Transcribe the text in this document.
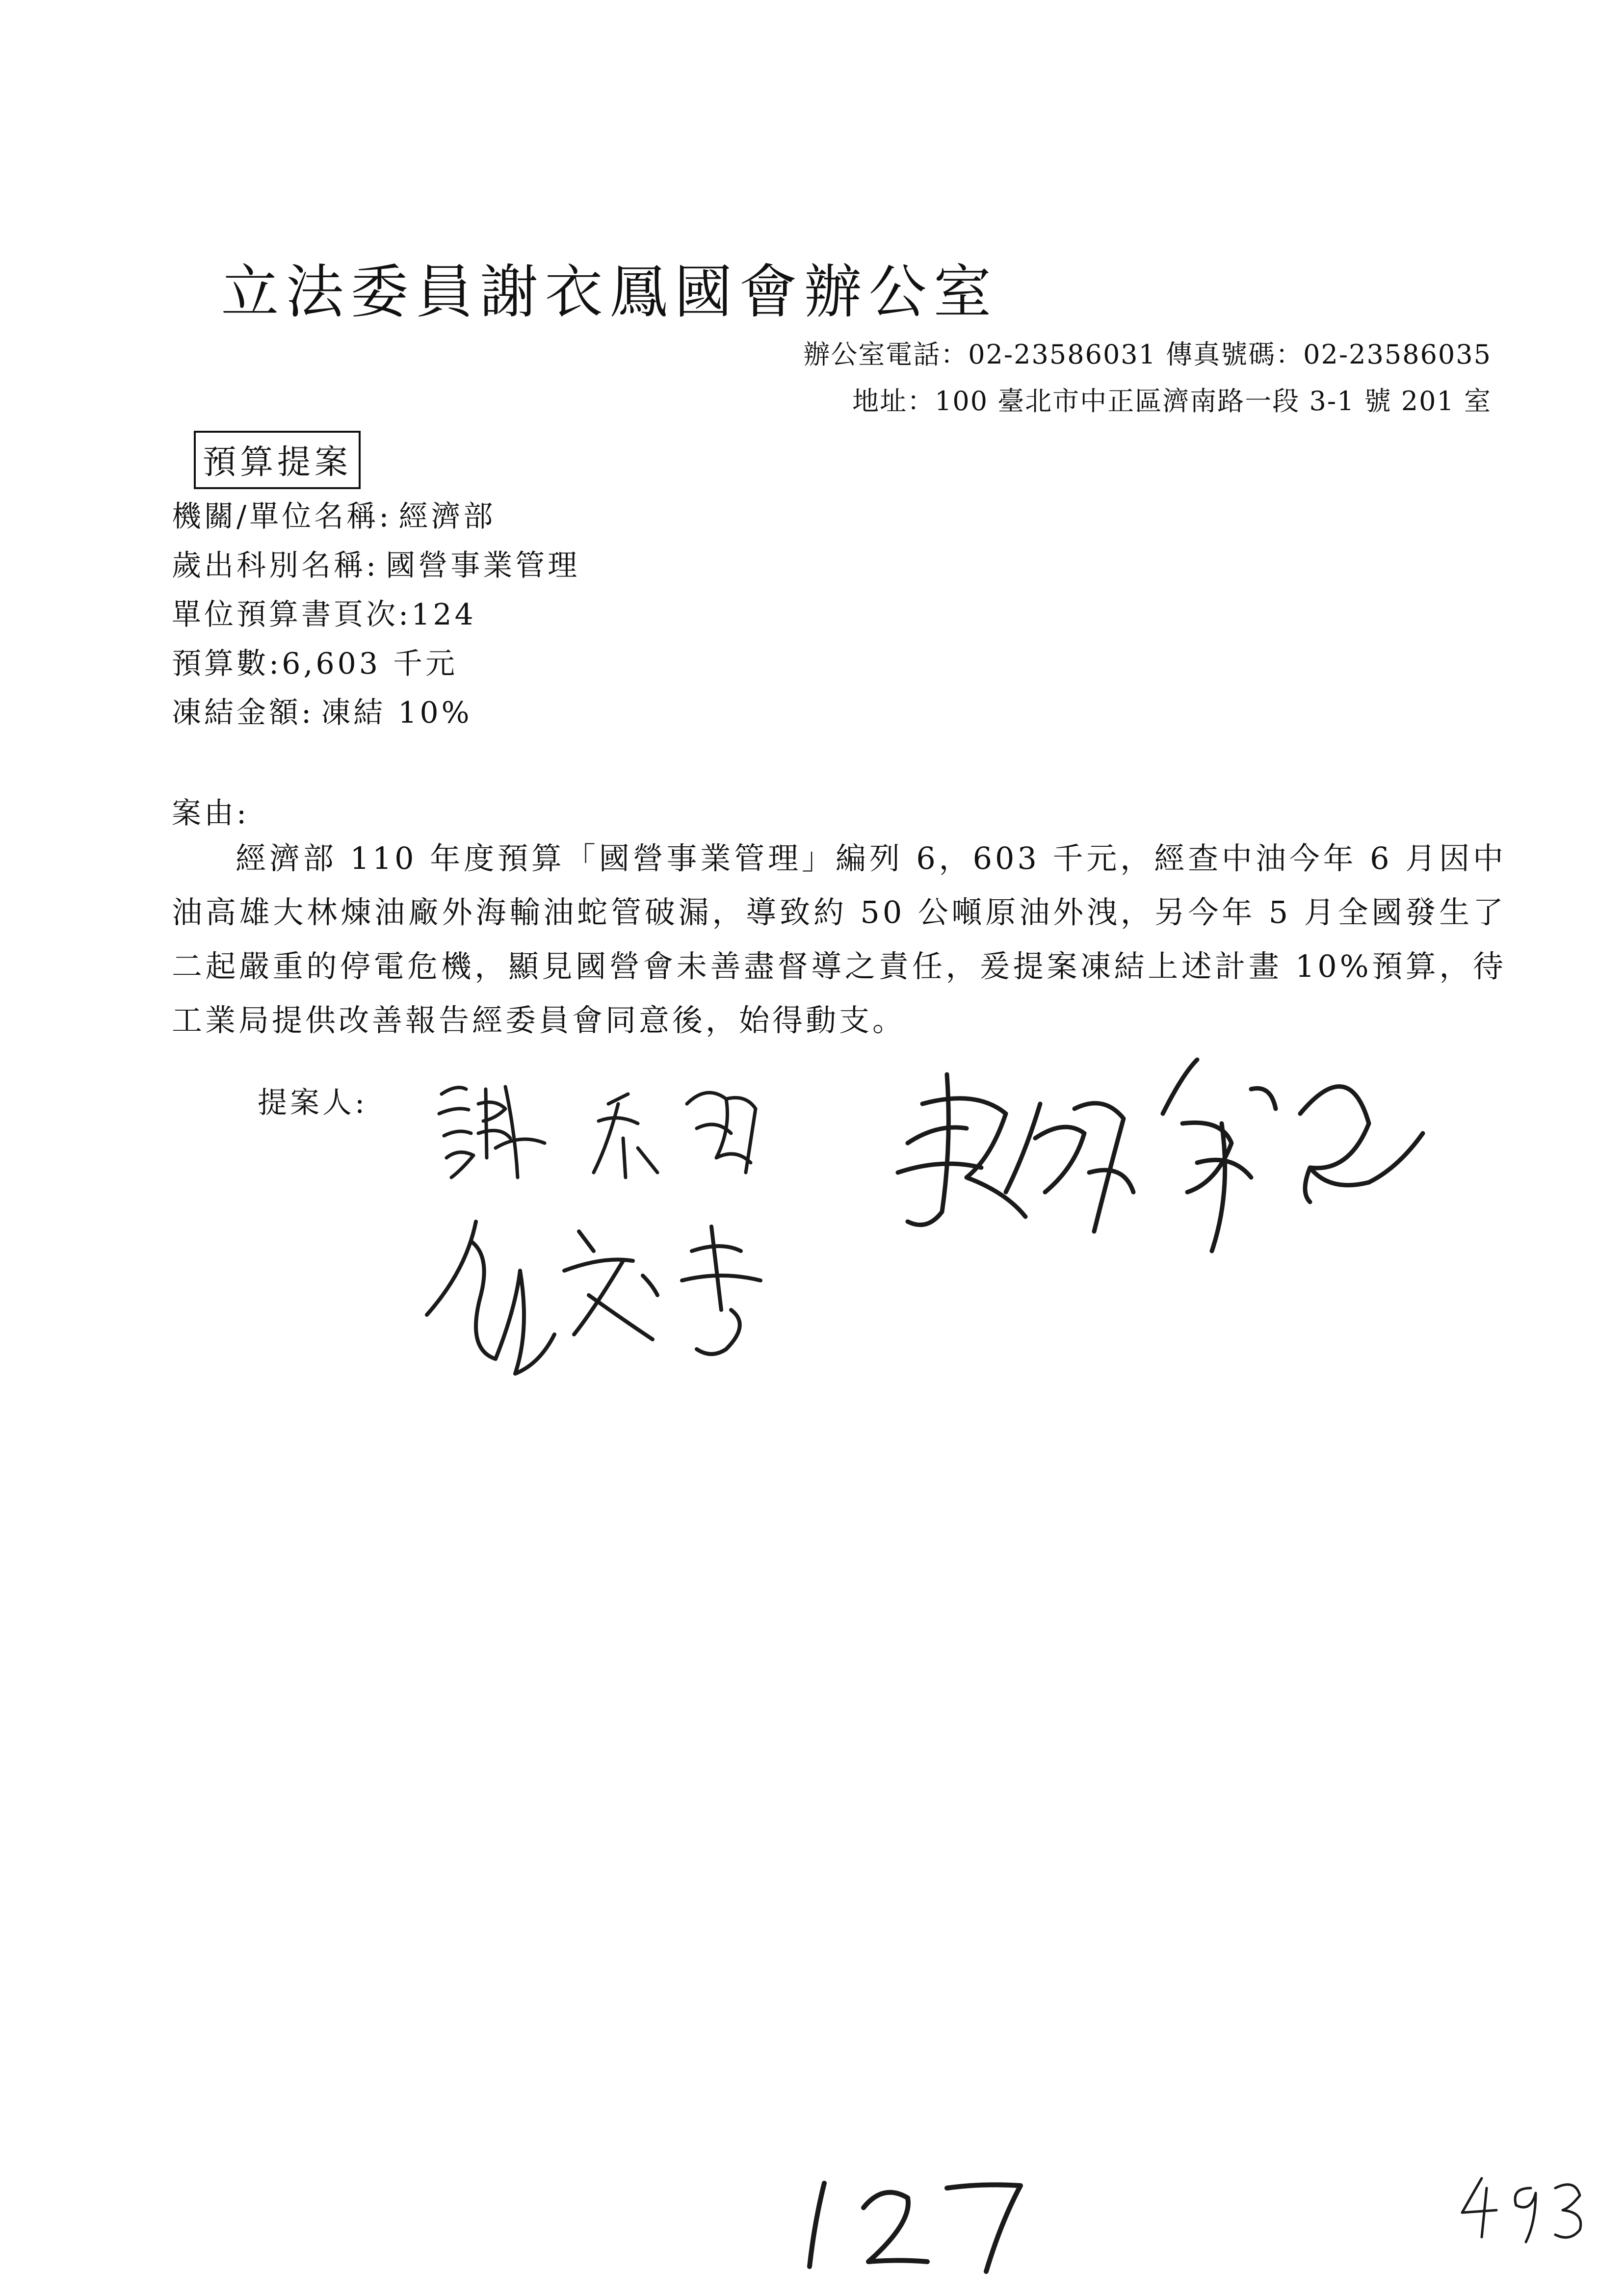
立法委員謝衣鳳國會辦公室
辦公室電話：02-23586031 傳真號碼：02-23586035
地址：100 臺北市中正區濟南路一段 3-1 號 201 室
預算提案
機關/單位名稱: 經濟部
歲出科別名稱: 國營事業管理
單位預算書頁次:124
預算數:6,603 千元
凍結金額: 凍結 10%
案由:
經濟部 110 年度預算「國營事業管理」編列 6，603 千元，經查中油今年 6 月因中油高雄大林煉油廠外海輸油蛇管破漏，導致約 50 公噸原油外洩，另今年 5 月全國發生了二起嚴重的停電危機，顯見國營會未善盡督導之責任，爰提案凍結上述計畫 10%預算，待工業局提供改善報告經委員會同意後，始得動支。
提案人:
